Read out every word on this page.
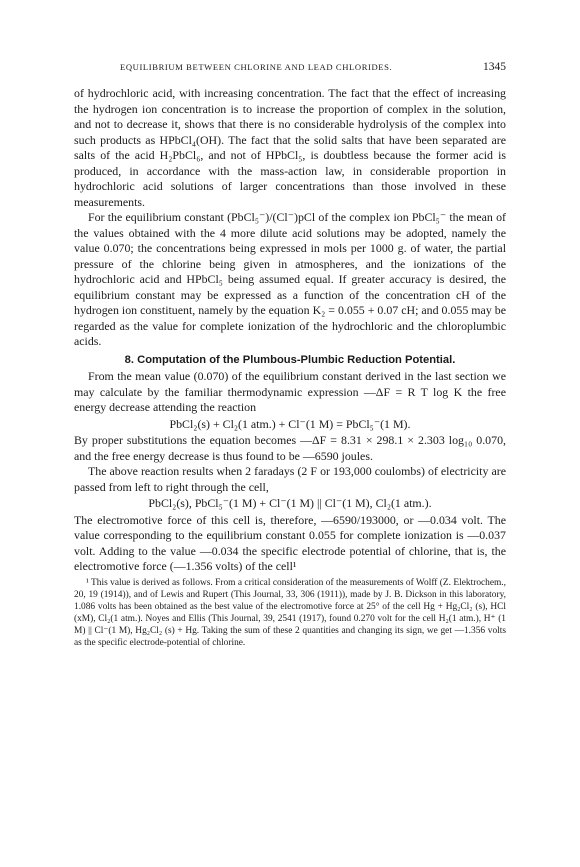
EQUILIBRIUM BETWEEN CHLORINE AND LEAD CHLORIDES.	1345

of hydrochloric acid, with increasing concentration. The fact that the effect of increasing the hydrogen ion concentration is to increase the proportion of complex in the solution, and not to decrease it, shows that there is no considerable hydrolysis of the complex into such products as HPbCl₄(OH). The fact that the solid salts that have been separated are salts of the acid H₂PbCl₆, and not of HPbCl₅, is doubtless because the former acid is produced, in accordance with the mass-action law, in considerable proportion in hydrochloric acid solutions of larger concentrations than those involved in these measurements.

For the equilibrium constant (PbCl₅⁻)/(Cl⁻)pCl of the complex ion PbCl₅⁻ the mean of the values obtained with the 4 more dilute acid solutions may be adopted, namely the value 0.070; the concentrations being expressed in mols per 1000 g. of water, the partial pressure of the chlorine being given in atmospheres, and the ionizations of the hydrochloric acid and HPbCl₅ being assumed equal. If greater accuracy is desired, the equilibrium constant may be expressed as a function of the concentration cH of the hydrogen ion constituent, namely by the equation K₂ = 0.055 + 0.07 cH; and 0.055 may be regarded as the value for complete ionization of the hydrochloric and the chloroplumbic acids.

8. Computation of the Plumbous-Plumbic Reduction Potential.

From the mean value (0.070) of the equilibrium constant derived in the last section we may calculate by the familiar thermodynamic expression —ΔF = R T log K the free energy decrease attending the reaction

PbCl₂(s) + Cl₂(1 atm.) + Cl⁻(1 M) = PbCl₅⁻(1 M).

By proper substitutions the equation becomes —ΔF = 8.31 × 298.1 × 2.303 log₁₀ 0.070, and the free energy decrease is thus found to be —6590 joules.

The above reaction results when 2 faradays (2 F or 193,000 coulombs) of electricity are passed from left to right through the cell,

PbCl₂(s), PbCl₅⁻(1 M) + Cl⁻(1 M) || Cl⁻(1 M), Cl₂(1 atm.).

The electromotive force of this cell is, therefore, —6590/193000, or —0.034 volt. The value corresponding to the equilibrium constant 0.055 for complete ionization is —0.037 volt. Adding to the value —0.034 the specific electrode potential of chlorine, that is, the electromotive force (—1.356 volts) of the cell¹

¹ This value is derived as follows. From a critical consideration of the measurements of Wolff (Z. Elektrochem., 20, 19 (1914)), and of Lewis and Rupert (This Journal, 33, 306 (1911)), made by J. B. Dickson in this laboratory, 1.086 volts has been obtained as the best value of the electromotive force at 25° of the cell Hg + Hg₂Cl₂ (s), HCl (xM), Cl₂(1 atm.). Noyes and Ellis (This Journal, 39, 2541 (1917), found 0.270 volt for the cell H₂(1 atm.), H⁺ (1 M) || Cl⁻(1 M), Hg₂Cl₂ (s) + Hg. Taking the sum of these 2 quantities and changing its sign, we get —1.356 volts as the specific electrode-potential of chlorine.
